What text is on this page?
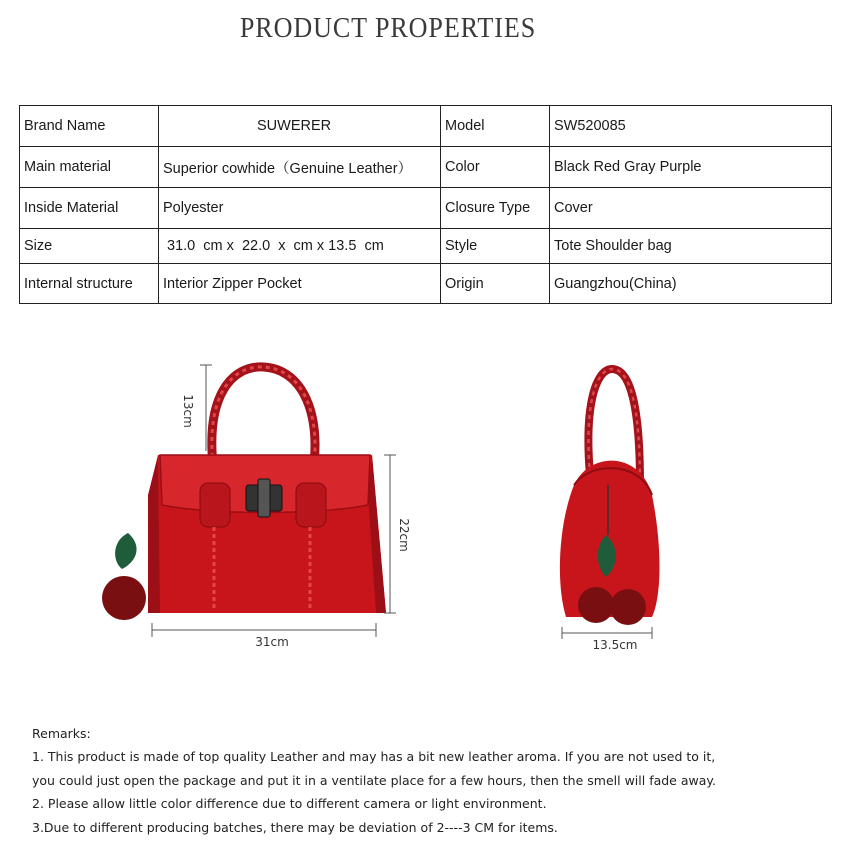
PRODUCT PROPERTIES
Brand Name	SUWERER	Model	SW520085
Main material	Superior cowhide（Genuine Leather）	Color	Black Red Gray Purple
Inside Material	Polyester	Closure Type	Cover
Size	31.0  cm x  22.0  x  cm x 13.5  cm	Style	Tote Shoulder bag
Internal structure	Interior Zipper Pocket	Origin	Guangzhou(China)
13cm
22cm
31cm	13.5cm
Remarks:
1. This product is made of top quality Leather and may has a bit new leather aroma. If you are not used to it,
you could just open the package and put it in a ventilate place for a few hours, then the smell will fade away.
2. Please allow little color difference due to different camera or light environment.
3.Due to different producing batches, there may be deviation of 2----3 CM for items.
